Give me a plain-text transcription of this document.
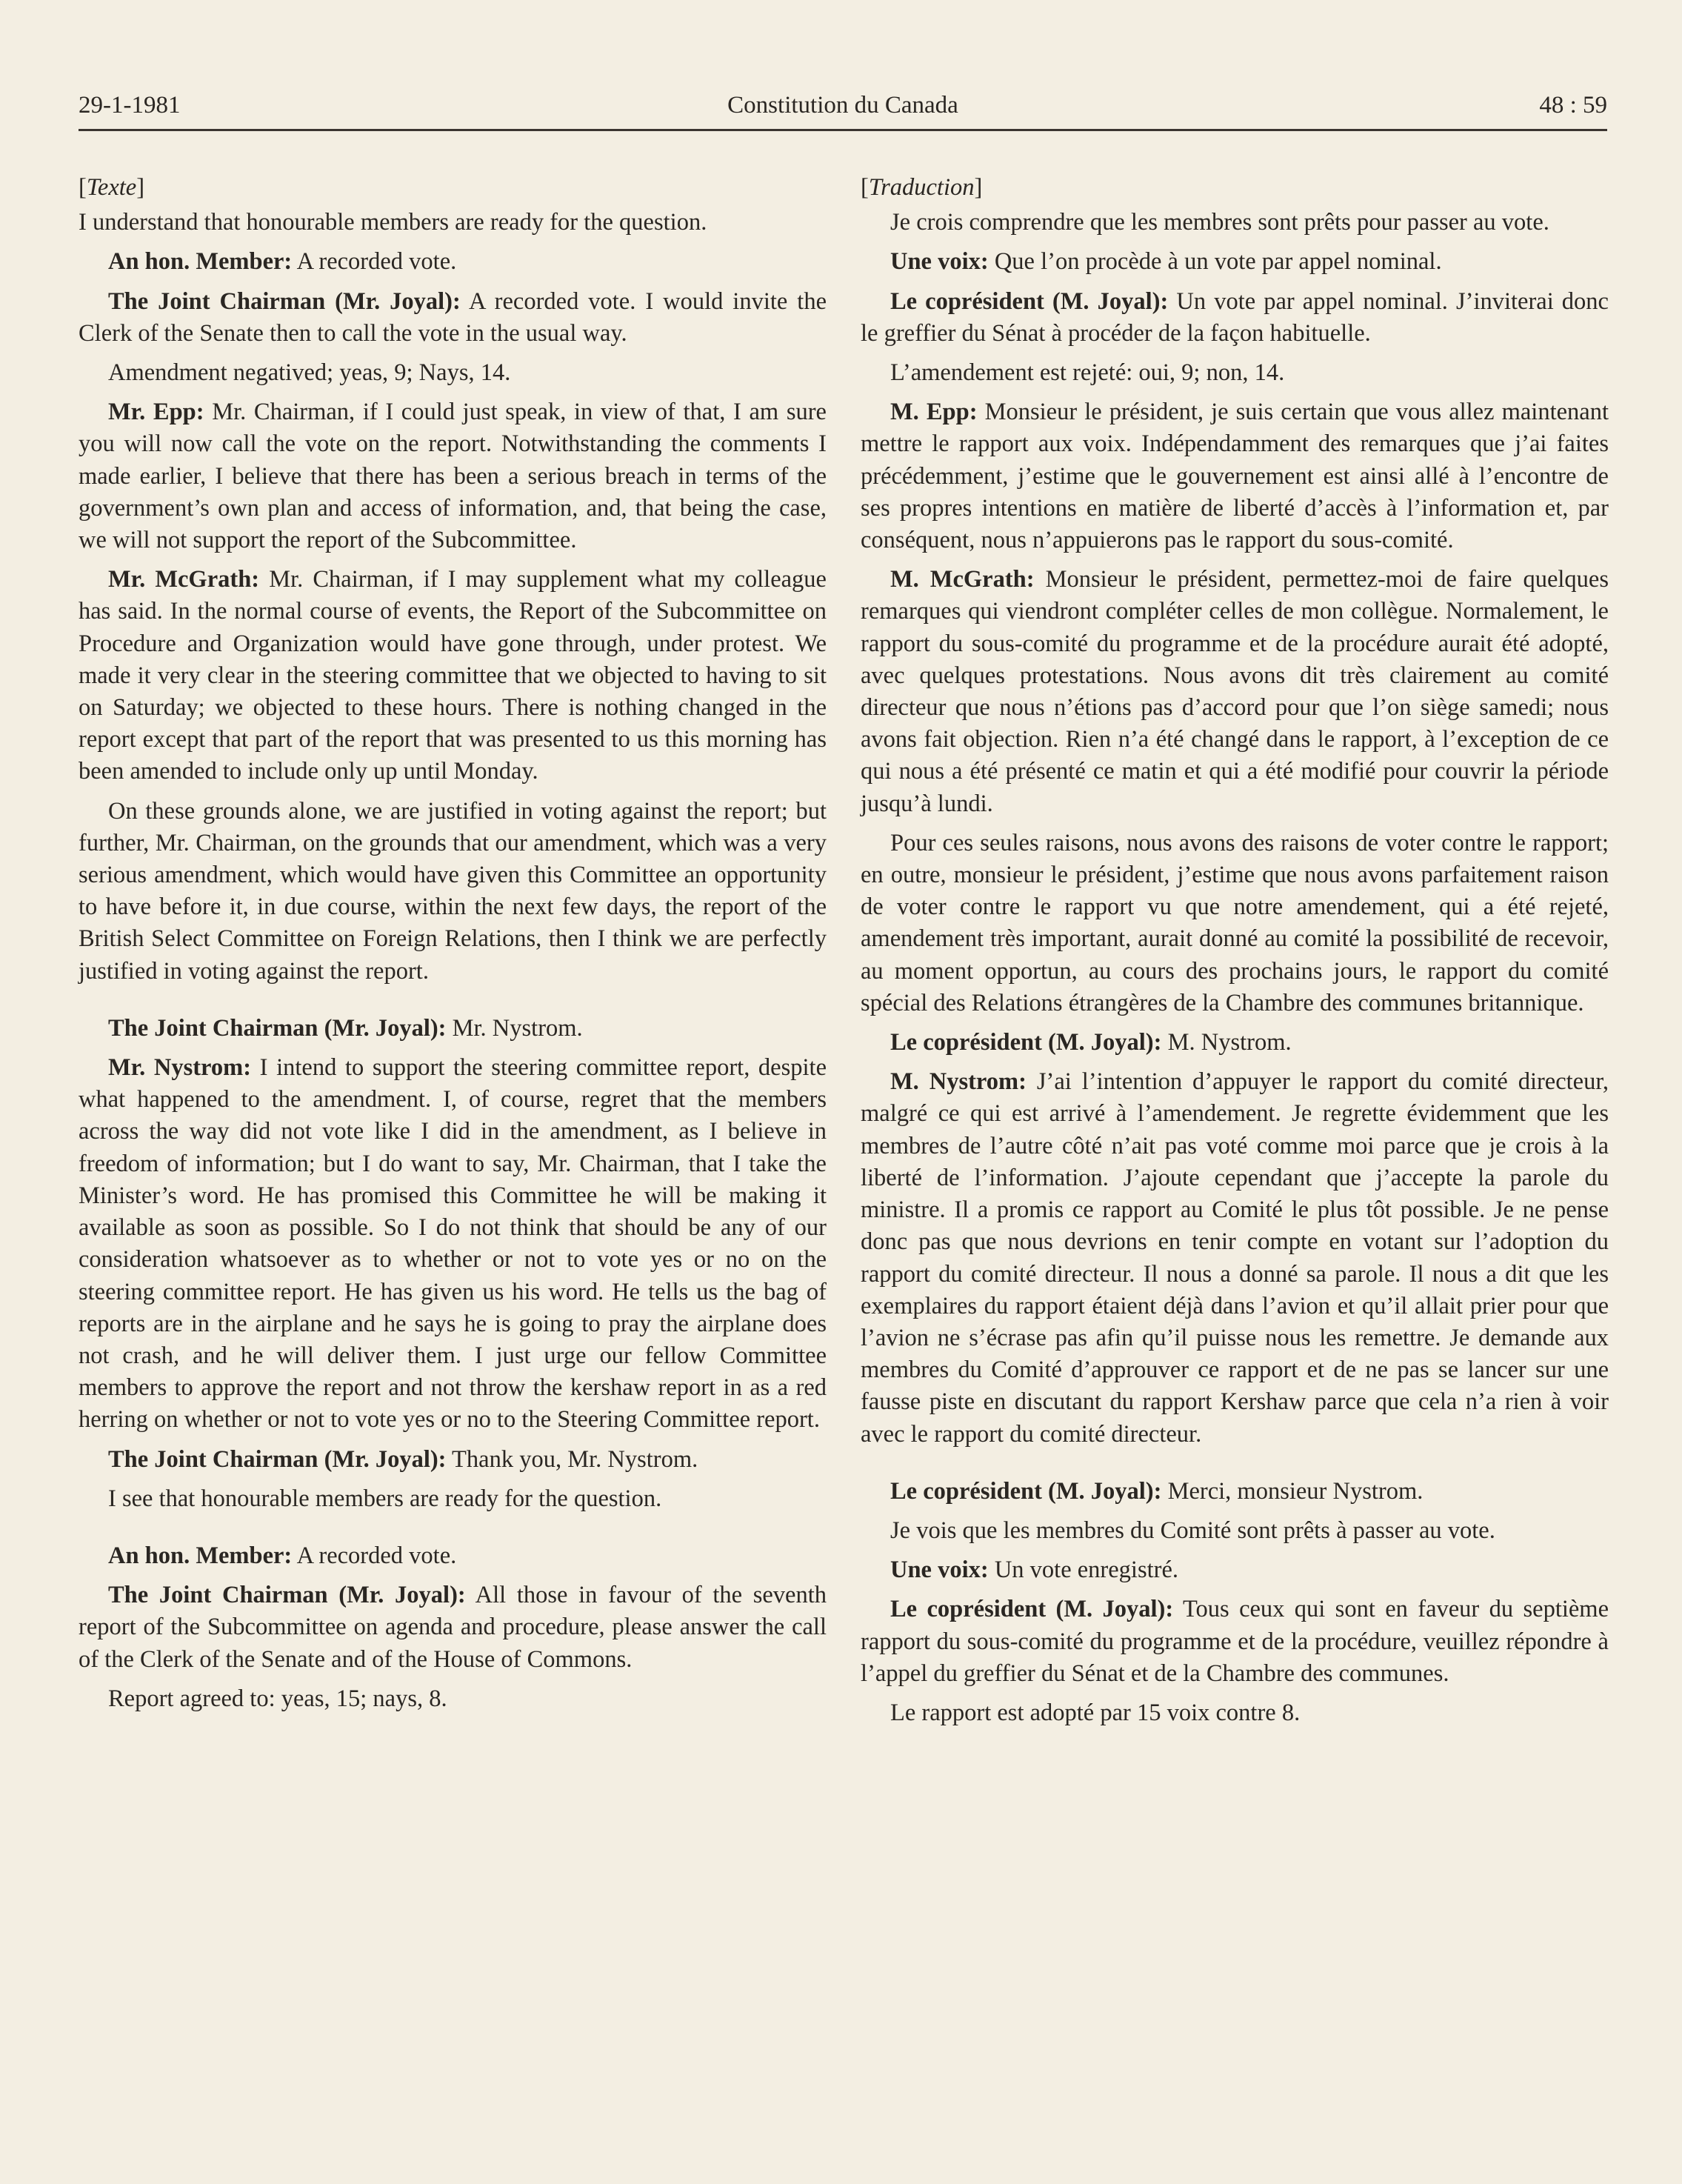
29-1-1981	Constitution du Canada	48 : 59

[Texte]

I understand that honourable members are ready for the question.

An hon. Member: A recorded vote.

The Joint Chairman (Mr. Joyal): A recorded vote. I would invite the Clerk of the Senate then to call the vote in the usual way.

Amendment negatived; yeas, 9; Nays, 14.

Mr. Epp: Mr. Chairman, if I could just speak, in view of that, I am sure you will now call the vote on the report. Notwithstanding the comments I made earlier, I believe that there has been a serious breach in terms of the government’s own plan and access of information, and, that being the case, we will not support the report of the Subcommittee.

Mr. McGrath: Mr. Chairman, if I may supplement what my colleague has said. In the normal course of events, the Report of the Subcommittee on Procedure and Organization would have gone through, under protest. We made it very clear in the steering committee that we objected to having to sit on Saturday; we objected to these hours. There is nothing changed in the report except that part of the report that was presented to us this morning has been amended to include only up until Monday.

On these grounds alone, we are justified in voting against the report; but further, Mr. Chairman, on the grounds that our amendment, which was a very serious amendment, which would have given this Committee an opportunity to have before it, in due course, within the next few days, the report of the British Select Committee on Foreign Relations, then I think we are perfectly justified in voting against the report.

The Joint Chairman (Mr. Joyal): Mr. Nystrom.

Mr. Nystrom: I intend to support the steering committee report, despite what happened to the amendment. I, of course, regret that the members across the way did not vote like I did in the amendment, as I believe in freedom of information; but I do want to say, Mr. Chairman, that I take the Minister’s word. He has promised this Committee he will be making it available as soon as possible. So I do not think that should be any of our consideration whatsoever as to whether or not to vote yes or no on the steering committee report. He has given us his word. He tells us the bag of reports are in the airplane and he says he is going to pray the airplane does not crash, and he will deliver them. I just urge our fellow Committee members to approve the report and not throw the kershaw report in as a red herring on whether or not to vote yes or no to the Steering Committee report.

The Joint Chairman (Mr. Joyal): Thank you, Mr. Nystrom.

I see that honourable members are ready for the question.

An hon. Member: A recorded vote.

The Joint Chairman (Mr. Joyal): All those in favour of the seventh report of the Subcommittee on agenda and procedure, please answer the call of the Clerk of the Senate and of the House of Commons.

Report agreed to: yeas, 15; nays, 8.

[Traduction]

Je crois comprendre que les membres sont prêts pour passer au vote.

Une voix: Que l’on procède à un vote par appel nominal.

Le coprésident (M. Joyal): Un vote par appel nominal. J’inviterai donc le greffier du Sénat à procéder de la façon habituelle.

L’amendement est rejeté: oui, 9; non, 14.

M. Epp: Monsieur le président, je suis certain que vous allez maintenant mettre le rapport aux voix. Indépendamment des remarques que j’ai faites précédemment, j’estime que le gouvernement est ainsi allé à l’encontre de ses propres intentions en matière de liberté d’accès à l’information et, par conséquent, nous n’appuierons pas le rapport du sous-comité.

M. McGrath: Monsieur le président, permettez-moi de faire quelques remarques qui viendront compléter celles de mon collègue. Normalement, le rapport du sous-comité du programme et de la procédure aurait été adopté, avec quelques protestations. Nous avons dit très clairement au comité directeur que nous n’étions pas d’accord pour que l’on siège samedi; nous avons fait objection. Rien n’a été changé dans le rapport, à l’exception de ce qui nous a été présenté ce matin et qui a été modifié pour couvrir la période jusqu’à lundi.

Pour ces seules raisons, nous avons des raisons de voter contre le rapport; en outre, monsieur le président, j’estime que nous avons parfaitement raison de voter contre le rapport vu que notre amendement, qui a été rejeté, amendement très important, aurait donné au comité la possibilité de recevoir, au moment opportun, au cours des prochains jours, le rapport du comité spécial des Relations étrangères de la Chambre des communes britannique.

Le coprésident (M. Joyal): M. Nystrom.

M. Nystrom: J’ai l’intention d’appuyer le rapport du comité directeur, malgré ce qui est arrivé à l’amendement. Je regrette évidemment que les membres de l’autre côté n’ait pas voté comme moi parce que je crois à la liberté de l’information. J’ajoute cependant que j’accepte la parole du ministre. Il a promis ce rapport au Comité le plus tôt possible. Je ne pense donc pas que nous devrions en tenir compte en votant sur l’adoption du rapport du comité directeur. Il nous a donné sa parole. Il nous a dit que les exemplaires du rapport étaient déjà dans l’avion et qu’il allait prier pour que l’avion ne s’écrase pas afin qu’il puisse nous les remettre. Je demande aux membres du Comité d’approuver ce rapport et de ne pas se lancer sur une fausse piste en discutant du rapport Kershaw parce que cela n’a rien à voir avec le rapport du comité directeur.

Le coprésident (M. Joyal): Merci, monsieur Nystrom.

Je vois que les membres du Comité sont prêts à passer au vote.

Une voix: Un vote enregistré.

Le coprésident (M. Joyal): Tous ceux qui sont en faveur du septième rapport du sous-comité du programme et de la procédure, veuillez répondre à l’appel du greffier du Sénat et de la Chambre des communes.

Le rapport est adopté par 15 voix contre 8.
